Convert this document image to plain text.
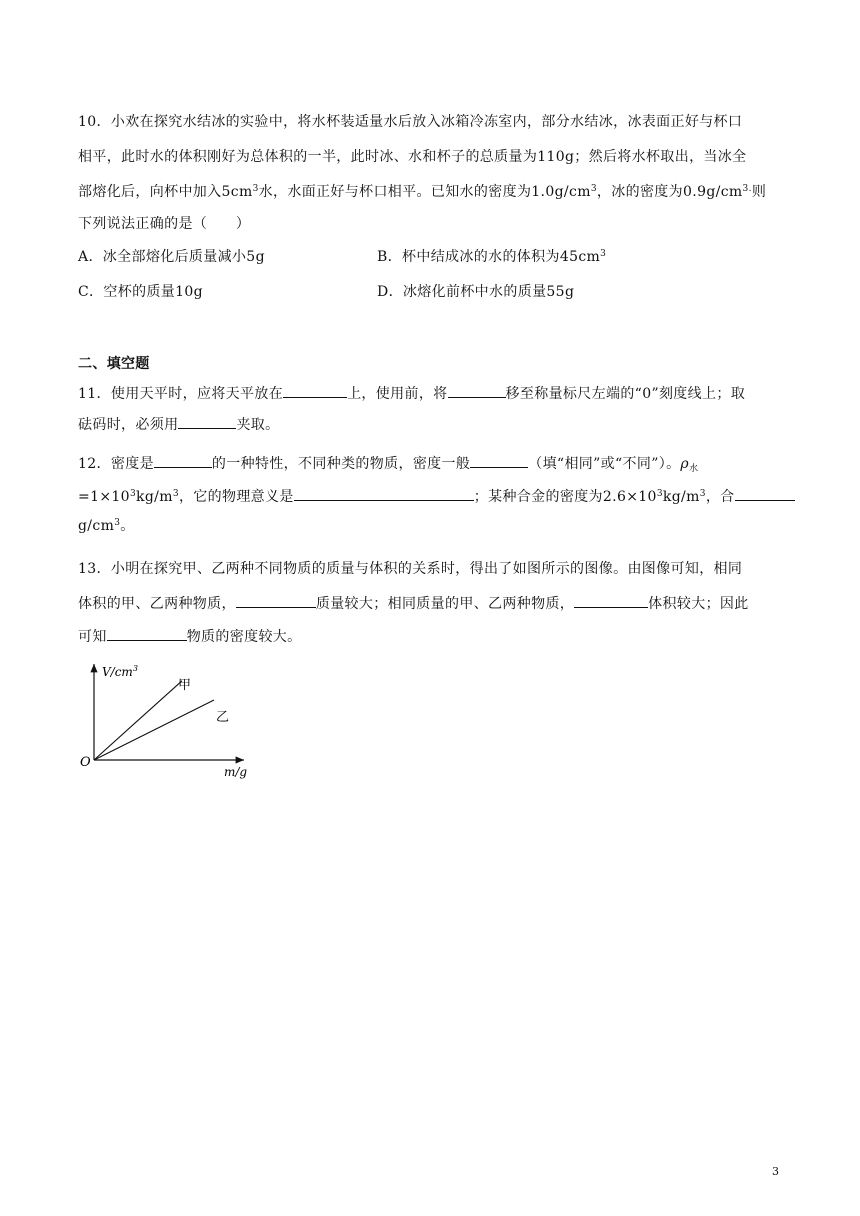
10．小欢在探究水结冰的实验中，将水杯装适量水后放入冰箱冷冻室内，部分水结冰，冰表面正好与杯口
相平，此时水的体积刚好为总体积的一半，此时冰、水和杯子的总质量为110g；然后将水杯取出，当冰全
部熔化后，向杯中加入$5cm^3$水，水面正好与杯口相平。已知水的密度为$1.0g/cm^3$，冰的密度为$0.9g/cm^{3.}$则
下列说法正确的是（　　）
A．冰全部熔化后质量减小5g	B．杯中结成冰的水的体积为$45cm^3$
C．空杯的质量10g	D．冰熔化前杯中水的质量55g
二、填空题
11．使用天平时，应将天平放在	上，使用前，将	移至称量标尺左端的“0”刻度线上；取
砝码时，必须用	夹取。
12．密度是	的一种特性，不同种类的物质，密度一般	（填“相同”或“不同”）。$\rho_水$
$=1\times 10^3kg/m^3$，它的物理意义是	；某种合金的密度为$2.6\times 10^3kg/m^3$，合
$g/cm^3$。
13．小明在探究甲、乙两种不同物质的质量与体积的关系时，得出了如图所示的图像。由图像可知，相同
体积的甲、乙两种物质，	质量较大；相同质量的甲、乙两种物质，	体积较大；因此
可知	物质的密度较大。
$V/cm^3$
甲
乙
O
m/g
3
